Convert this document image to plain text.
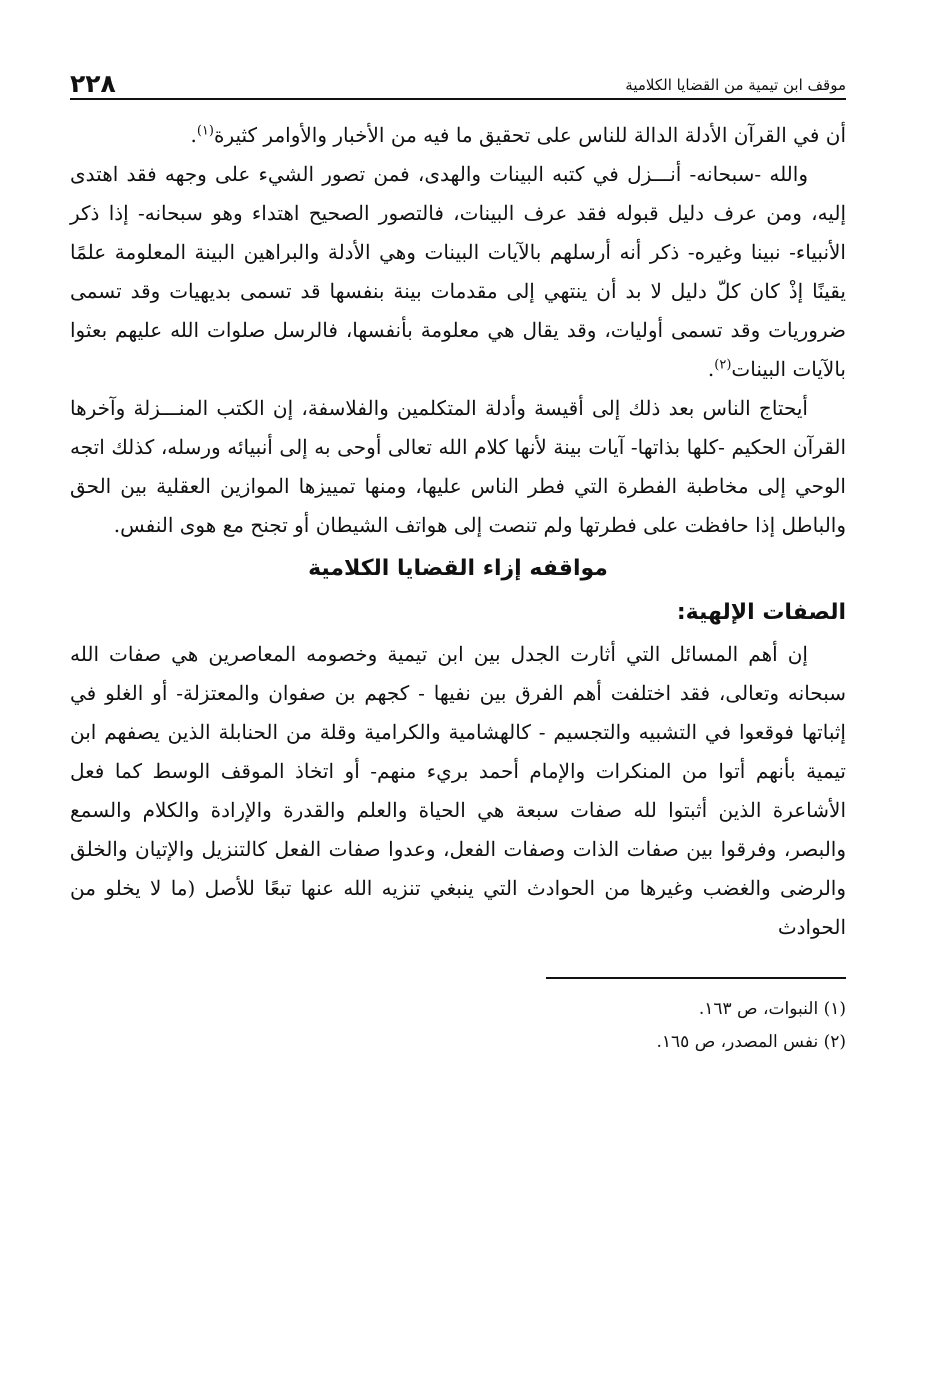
موقف ابن تيمية من القضايا الكلامية
٢٢٨

أن في القرآن الأدلة الدالة للناس على تحقيق ما فيه من الأخبار والأوامر كثيرة$^{(١)}$.

والله -سبحانه- أنـــزل في كتبه البينات والهدى، فمن تصور الشيء على وجهه فقد اهتدى إليه، ومن عرف دليل قبوله فقد عرف البينات، فالتصور الصحيح اهتداء وهو سبحانه- إذا ذكر الأنبياء- نبينا وغيره- ذكر أنه أرسلهم بالآيات البينات وهي الأدلة والبراهين البينة المعلومة علمًا يقينًا إذْ كان كلّ دليل لا بد أن ينتهي إلى مقدمات بينة بنفسها قد تسمى بديهيات وقد تسمى ضروريات وقد تسمى أوليات، وقد يقال هي معلومة بأنفسها، فالرسل صلوات الله عليهم بعثوا بالآيات البينات$^{(٢)}$.

أيحتاج الناس بعد ذلك إلى أقيسة وأدلة المتكلمين والفلاسفة، إن الكتب المنـــزلة وآخرها القرآن الحكيم -كلها بذاتها- آيات بينة لأنها كلام الله تعالى أوحى به إلى أنبيائه ورسله، كذلك اتجه الوحي إلى مخاطبة الفطرة التي فطر الناس عليها، ومنها تمييزها الموازين العقلية بين الحق والباطل إذا حافظت على فطرتها ولم تنصت إلى هواتف الشيطان أو تجنح مع هوى النفس.

مواقفه إزاء القضايا الكلامية
الصفات الإلهية:

إن أهم المسائل التي أثارت الجدل بين ابن تيمية وخصومه المعاصرين هي صفات الله سبحانه وتعالى، فقد اختلفت أهم الفرق بين نفيها - كجهم بن صفوان والمعتزلة- أو الغلو في إثباتها فوقعوا في التشبيه والتجسيم - كالهشامية والكرامية وقلة من الحنابلة الذين يصفهم ابن تيمية بأنهم أتوا من المنكرات والإمام أحمد بريء منهم- أو اتخاذ الموقف الوسط كما فعل الأشاعرة الذين أثبتوا لله صفات سبعة هي الحياة والعلم والقدرة والإرادة والكلام والسمع والبصر، وفرقوا بين صفات الذات وصفات الفعل، وعدوا صفات الفعل كالتنزيل والإتيان والخلق والرضى والغضب وغيرها من الحوادث التي ينبغي تنزيه الله عنها تبعًا للأصل (ما لا يخلو من الحوادث

(١) النبوات، ص ١٦٣.

(٢) نفس المصدر، ص ١٦٥.
